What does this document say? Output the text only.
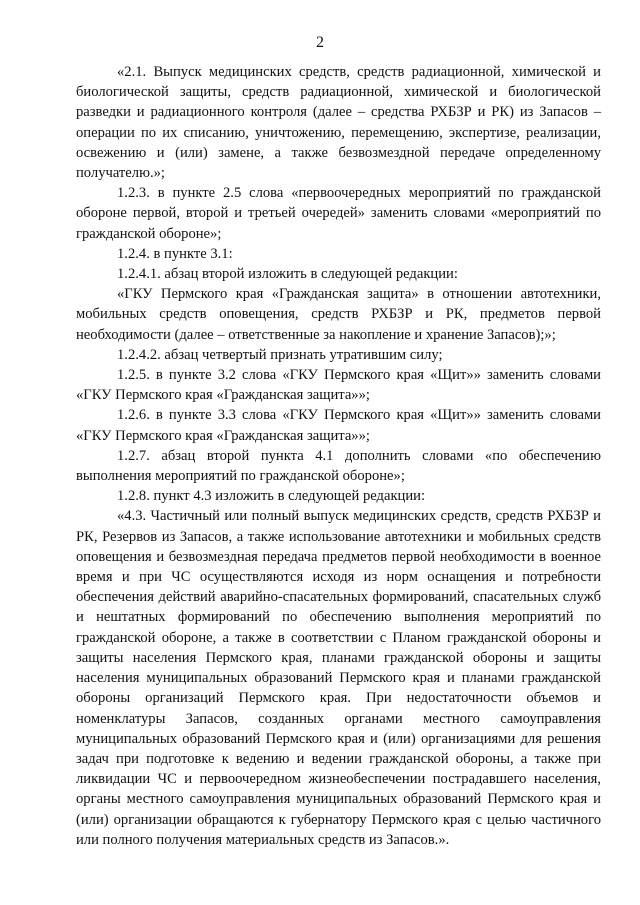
2

«2.1. Выпуск медицинских средств, средств радиационной, химической и биологической защиты, средств радиационной, химической и биологической разведки и радиационного контроля (далее – средства РХБЗР и РК) из Запасов – операции по их списанию, уничтожению, перемещению, экспертизе, реализации, освежению и (или) замене, а также безвозмездной передаче определенному получателю.»;

1.2.3. в пункте 2.5 слова «первоочередных мероприятий по гражданской обороне первой, второй и третьей очередей» заменить словами «мероприятий по гражданской обороне»;

1.2.4. в пункте 3.1:

1.2.4.1. абзац второй изложить в следующей редакции:

«ГКУ Пермского края «Гражданская защита» в отношении автотехники, мобильных средств оповещения, средств РХБЗР и РК, предметов первой необходимости (далее – ответственные за накопление и хранение Запасов);»;

1.2.4.2. абзац четвертый признать утратившим силу;

1.2.5. в пункте 3.2 слова «ГКУ Пермского края «Щит»» заменить словами «ГКУ Пермского края «Гражданская защита»»;

1.2.6. в пункте 3.3 слова «ГКУ Пермского края «Щит»» заменить словами «ГКУ Пермского края «Гражданская защита»»;

1.2.7. абзац второй пункта 4.1 дополнить словами «по обеспечению выполнения мероприятий по гражданской обороне»;

1.2.8. пункт 4.3 изложить в следующей редакции:

«4.3. Частичный или полный выпуск медицинских средств, средств РХБЗР и РК, Резервов из Запасов, а также использование автотехники и мобильных средств оповещения и безвозмездная передача предметов первой необходимости в военное время и при ЧС осуществляются исходя из норм оснащения и потребности обеспечения действий аварийно-спасательных формирований, спасательных служб и нештатных формирований по обеспечению выполнения мероприятий по гражданской обороне, а также в соответствии с Планом гражданской обороны и защиты населения Пермского края, планами гражданской обороны и защиты населения муниципальных образований Пермского края и планами гражданской обороны организаций Пермского края. При недостаточности объемов и номенклатуры Запасов, созданных органами местного самоуправления муниципальных образований Пермского края и (или) организациями для решения задач при подготовке к ведению и ведении гражданской обороны, а также при ликвидации ЧС и первоочередном жизнеобеспечении пострадавшего населения, органы местного самоуправления муниципальных образований Пермского края и (или) организации обращаются к губернатору Пермского края с целью частичного или полного получения материальных средств из Запасов.».
